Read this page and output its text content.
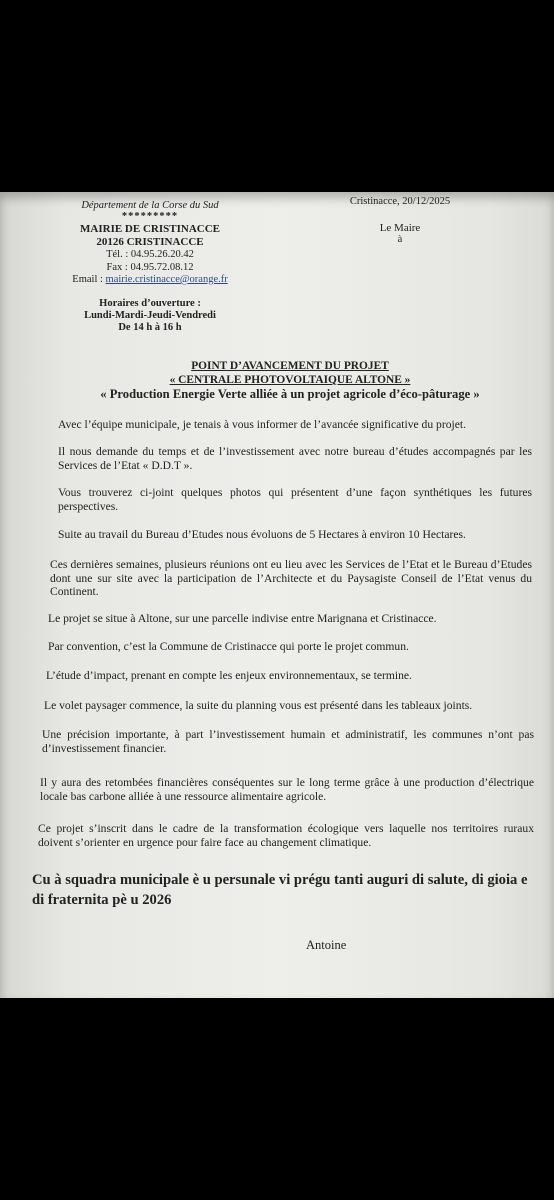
Département de la Corse du Sud
*********
MAIRIE DE CRISTINACCE
20126 CRISTINACCE
Tél. : 04.95.26.20.42
Fax : 04.95.72.08.12
Email : mairie.cristinacce@orange.fr
Horaires d’ouverture :
Lundi-Mardi-Jeudi-Vendredi
De 14 h à 16 h
Cristinacce, 20/12/2025
Le Maire
à
POINT D’AVANCEMENT DU PROJET
« CENTRALE PHOTOVOLTAIQUE ALTONE »
« Production Energie Verte alliée à un projet agricole d’éco-pâturage »
Avec l’équipe municipale, je tenais à vous informer de l’avancée significative du projet.
Il nous demande du temps et de l’investissement avec notre bureau d’études accompagnés par les Services de l’Etat « D.D.T ».
Vous trouverez ci-joint quelques photos qui présentent d’une façon synthétiques les futures perspectives.
Suite au travail du Bureau d’Etudes nous évoluons de 5 Hectares à environ 10 Hectares.
Ces dernières semaines, plusieurs réunions ont eu lieu avec les Services de l’Etat et le Bureau d’Etudes dont une sur site avec la participation de l’Architecte et du Paysagiste Conseil de l’Etat venus du Continent.
Le projet se situe à Altone, sur une parcelle indivise entre Marignana et Cristinacce.
Par convention, c’est la Commune de Cristinacce qui porte le projet commun.
L’étude d’impact, prenant en compte les enjeux environnementaux, se termine.
Le volet paysager commence, la suite du planning vous est présenté dans les tableaux joints.
Une précision importante, à part l’investissement humain et administratif, les communes n’ont pas d’investissement financier.
Il y aura des retombées financières conséquentes sur le long terme grâce à une production d’électrique locale bas carbone alliée à une ressource alimentaire agricole.
Ce projet s’inscrit dans le cadre de la transformation écologique vers laquelle nos territoires ruraux doivent s’orienter en urgence pour faire face au changement climatique.
Cu à squadra municipale è u persunale vi prégu tanti auguri di salute, di gioia e di fraternita pè u 2026
Antoine
